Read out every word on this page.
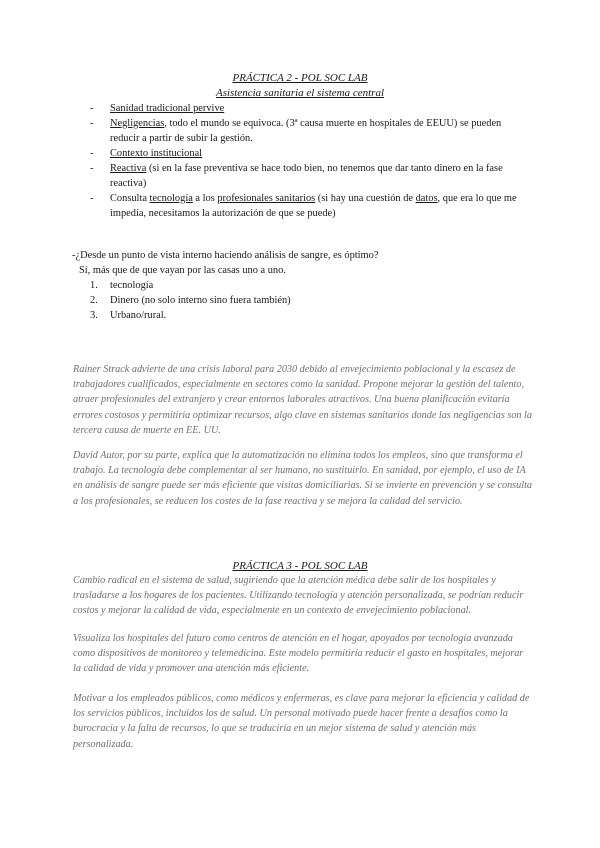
PRÁCTICA 2 - POL SOC LAB
Asistencia sanitaria el sistema central
- Sanidad tradicional pervive
- Negligencias, todo el mundo se equivoca. (3ª causa muerte en hospitales de EEUU) se pueden reducir a partir de subir la gestión.
- Contexto institucional
- Reactiva (si en la fase preventiva se hace todo bien, no tenemos que dar tanto dinero en la fase reactiva)
- Consulta tecnología a los profesionales sanitarios (si hay una cuestión de datos, que era lo que me impedía, necesitamos la autorización de que se puede)
-¿Desde un punto de vista interno haciendo análisis de sangre, es óptimo?
Sí, más que de que vayan por las casas uno a uno.
1. tecnología
2. Dinero (no solo interno sino fuera también)
3. Urbano/rural.
Rainer Strack advierte de una crisis laboral para 2030 debido al envejecimiento poblacional y la escasez de trabajadores cualificados, especialmente en sectores como la sanidad. Propone mejorar la gestión del talento, atraer profesionales del extranjero y crear entornos laborales atractivos. Una buena planificación evitaría errores costosos y permitiría optimizar recursos, algo clave en sistemas sanitarios donde las negligencias son la tercera causa de muerte en EE. UU.
David Autor, por su parte, explica que la automatización no elimina todos los empleos, sino que transforma el trabajo. La tecnología debe complementar al ser humano, no sustituirlo. En sanidad, por ejemplo, el uso de IA en análisis de sangre puede ser más eficiente que visitas domiciliarias. Si se invierte en prevención y se consulta a los profesionales, se reducen los costes de la fase reactiva y se mejora la calidad del servicio.
PRÁCTICA 3 - POL SOC LAB
Cambio radical en el sistema de salud, sugiriendo que la atención médica debe salir de los hospitales y trasladarse a los hogares de los pacientes. Utilizando tecnología y atención personalizada, se podrían reducir costos y mejorar la calidad de vida, especialmente en un contexto de envejecimiento poblacional.
Visualiza los hospitales del futuro como centros de atención en el hogar, apoyados por tecnología avanzada como dispositivos de monitoreo y telemedicina. Este modelo permitiría reducir el gasto en hospitales, mejorar la calidad de vida y promover una atención más eficiente.
Motivar a los empleados públicos, como médicos y enfermeras, es clave para mejorar la eficiencia y calidad de los servicios públicos, incluidos los de salud. Un personal motivado puede hacer frente a desafíos como la burocracia y la falta de recursos, lo que se traduciría en un mejor sistema de salud y atención más personalizada.
